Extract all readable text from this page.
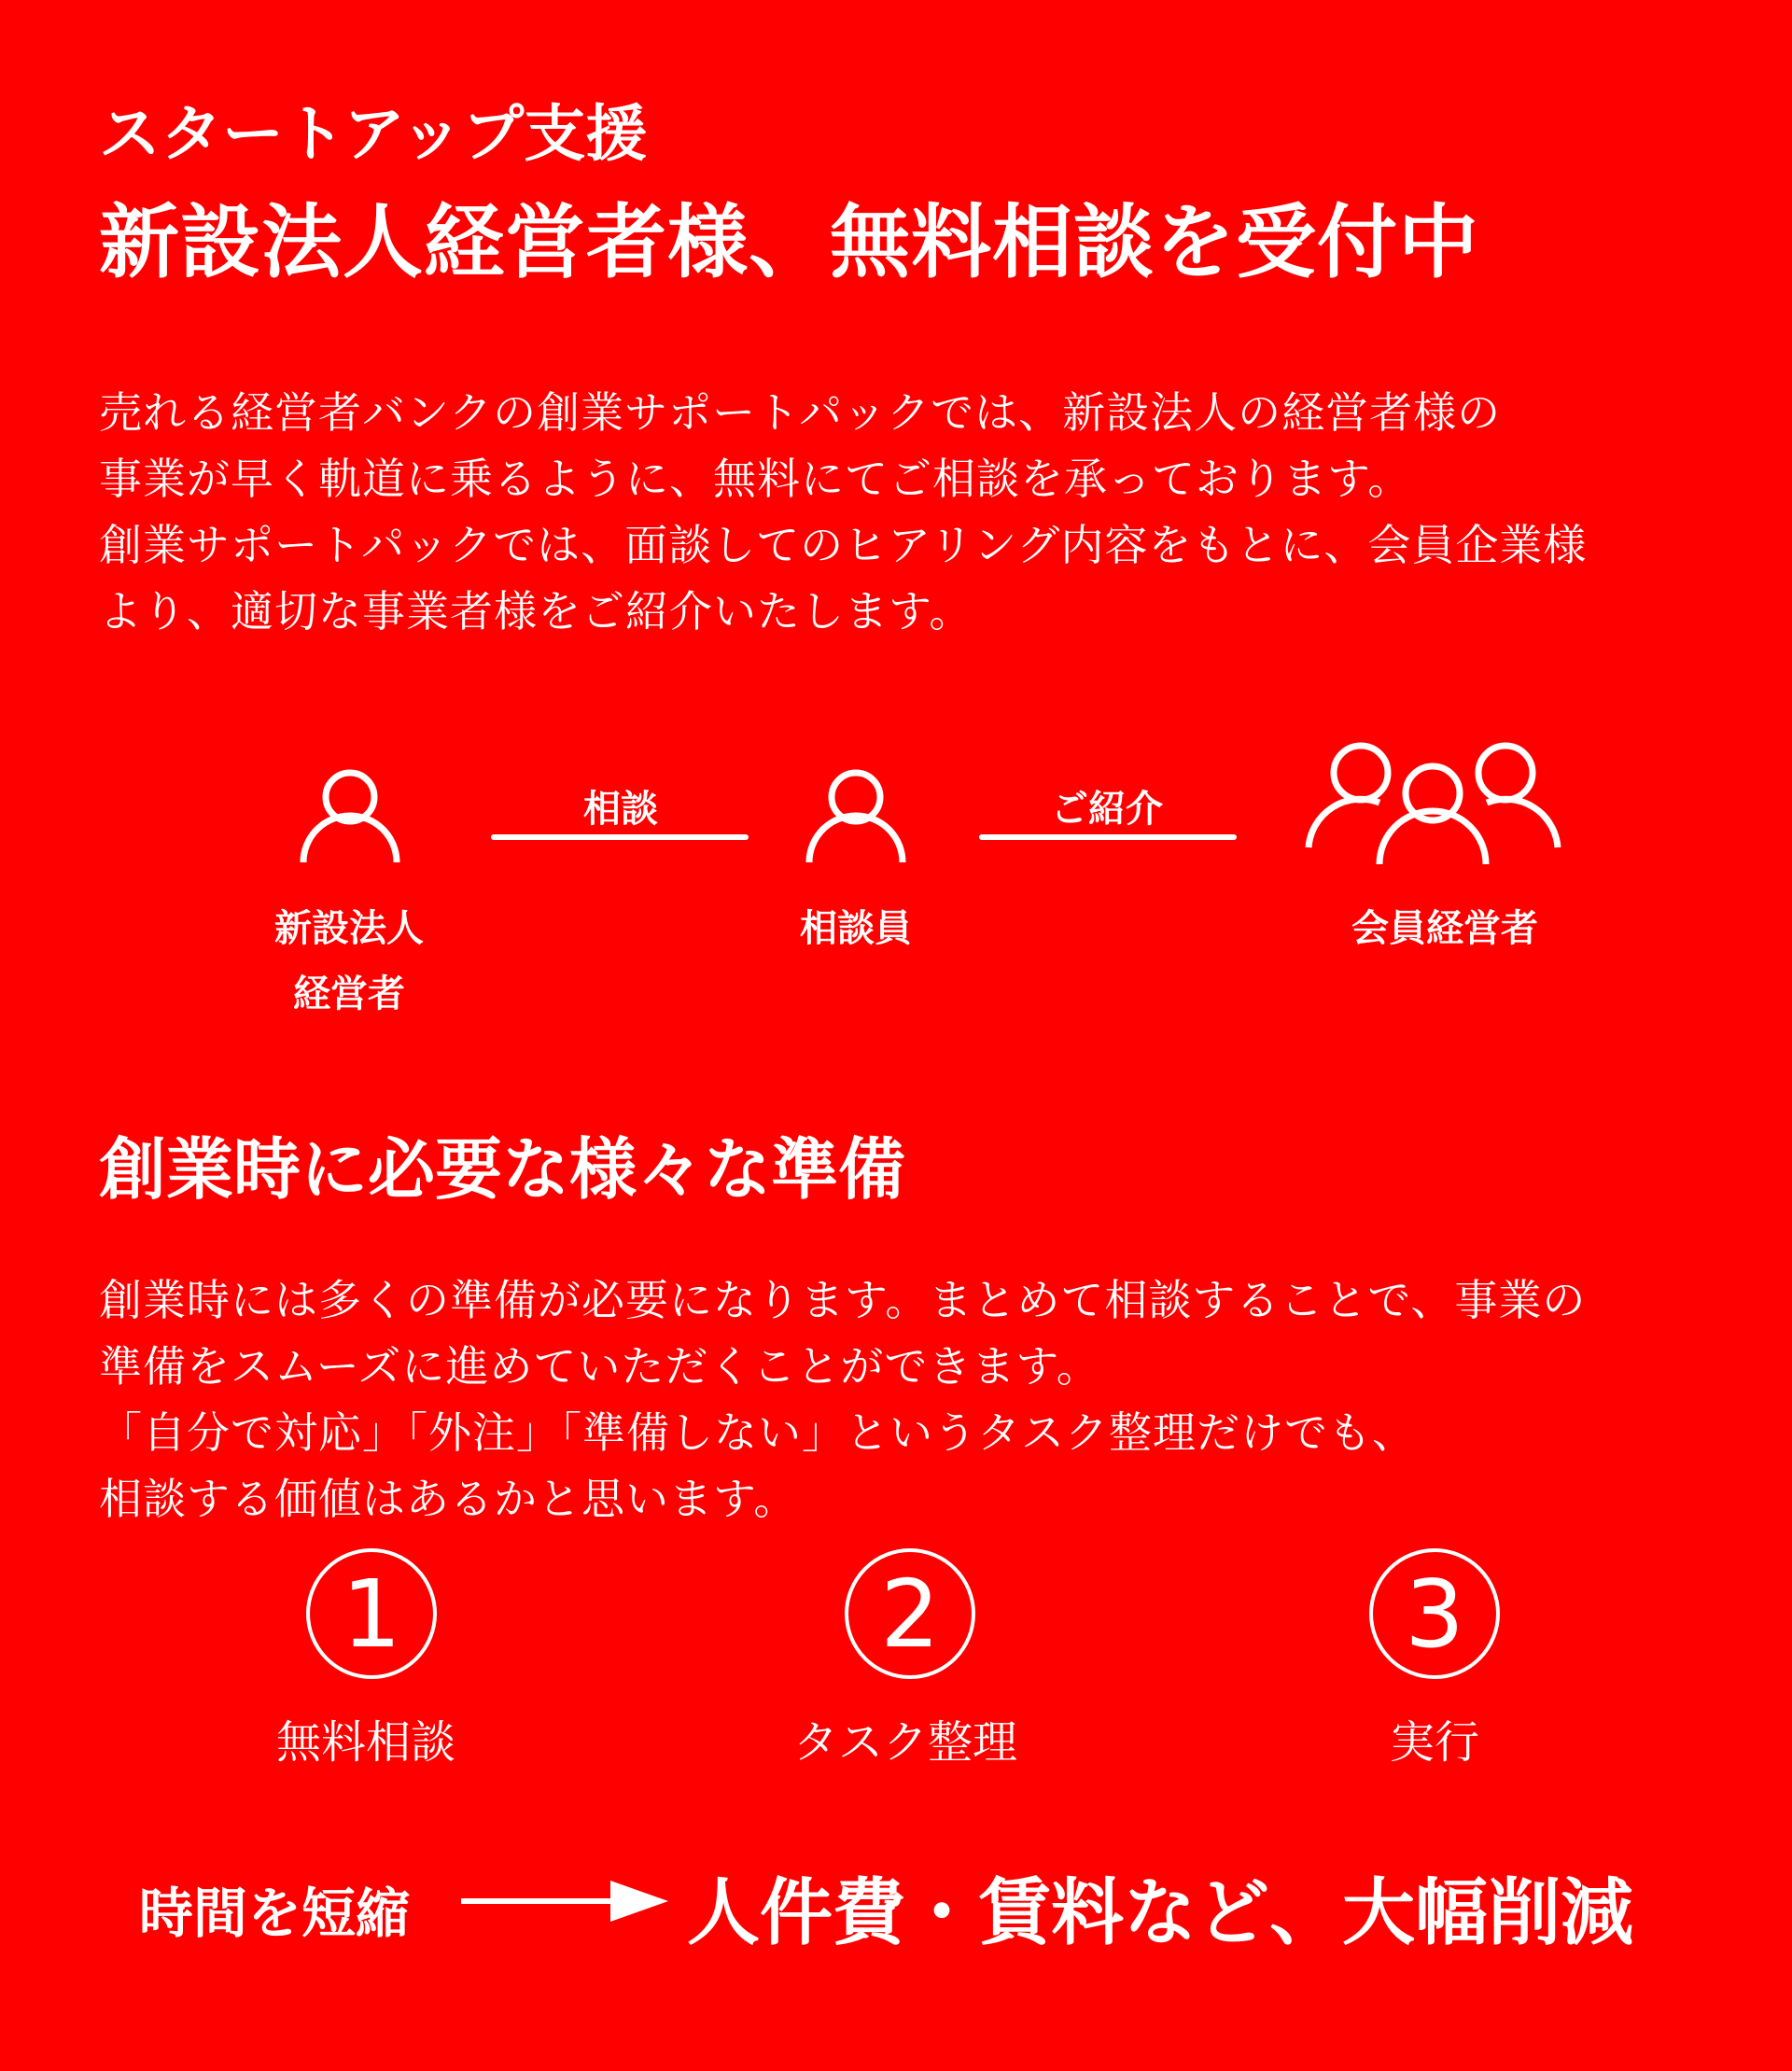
スタートアップ支援
新設法人経営者様、無料相談を受付中
売れる経営者バンクの創業サポートパックでは、新設法人の経営者様の
事業が早く軌道に乗るように、無料にてご相談を承っております。
創業サポートパックでは、面談してのヒアリング内容をもとに、会員企業様
より、適切な事業者様をご紹介いたします。
相談	ご紹介
新設法人
経営者
相談員	会員経営者
創業時に必要な様々な準備
創業時には多くの準備が必要になります。まとめて相談することで、事業の
準備をスムーズに進めていただくことができます。
「自分で対応」「外注」「準備しない」というタスク整理だけでも、
相談する価値はあるかと思います。
1	2	3
無料相談	タスク整理	実行
時間を短縮	人件費・賃料など、大幅削減
